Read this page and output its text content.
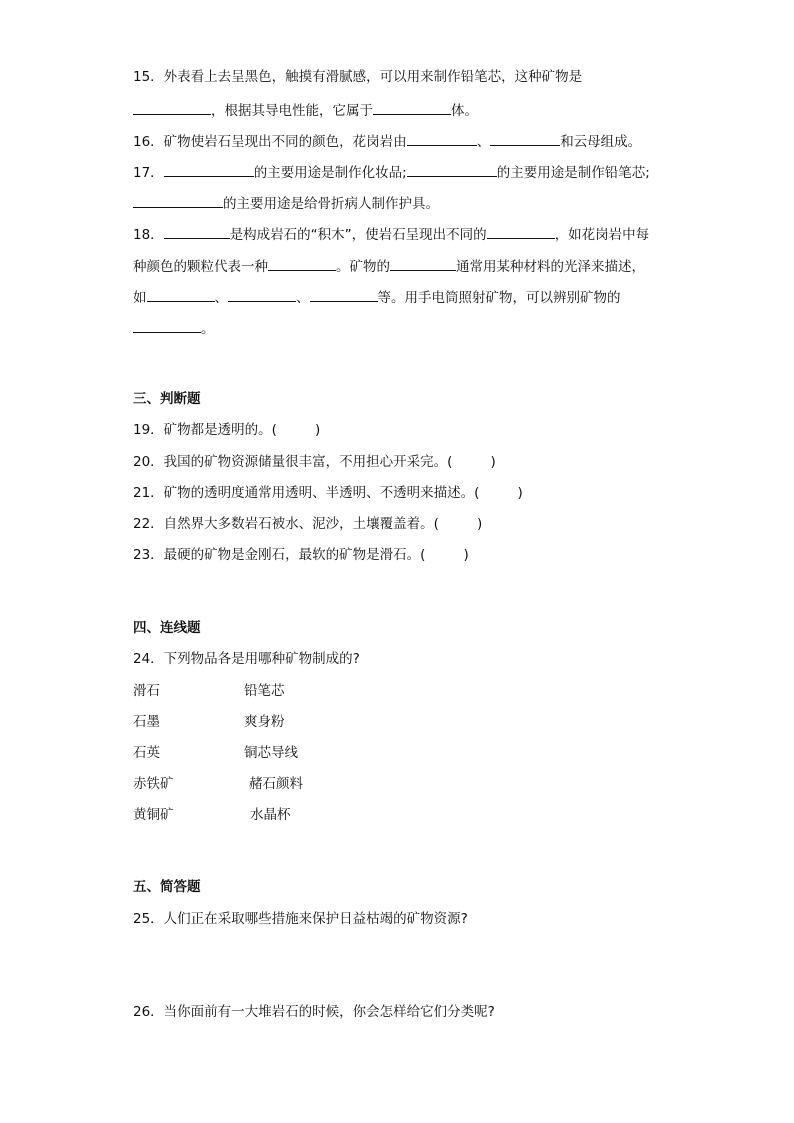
15．外表看上去呈黑色，触摸有滑腻感，可以用来制作铅笔芯，这种矿物是
，根据其导电性能，它属于	体。
16．矿物使岩石呈现出不同的颜色，花岗岩由	、	和云母组成。
17．	的主要用途是制作化妆品;	的主要用途是制作铅笔芯;
的主要用途是给骨折病人制作护具。
18．	是构成岩石的“积木”，使岩石呈现出不同的	，如花岗岩中每
种颜色的颗粒代表一种	。矿物的	通常用某种材料的光泽来描述，
如	、	、	等。用手电筒照射矿物，可以辨别矿物的
。
三、判断题
19．矿物都是透明的。(	)
20．我国的矿物资源储量很丰富，不用担心开采完。(	)
21．矿物的透明度通常用透明、半透明、不透明来描述。(	)
22．自然界大多数岩石被水、泥沙，土壤覆盖着。(	)
23．最硬的矿物是金刚石，最软的矿物是滑石。(	)
四、连线题
24．下列物品各是用哪种矿物制成的?
滑石	铅笔芯
石墨	爽身粉
石英	铜芯导线
赤铁矿	赭石颜料
黄铜矿	水晶杯
五、简答题
25．人们正在采取哪些措施来保护日益枯竭的矿物资源?
26．当你面前有一大堆岩石的时候，你会怎样给它们分类呢?
